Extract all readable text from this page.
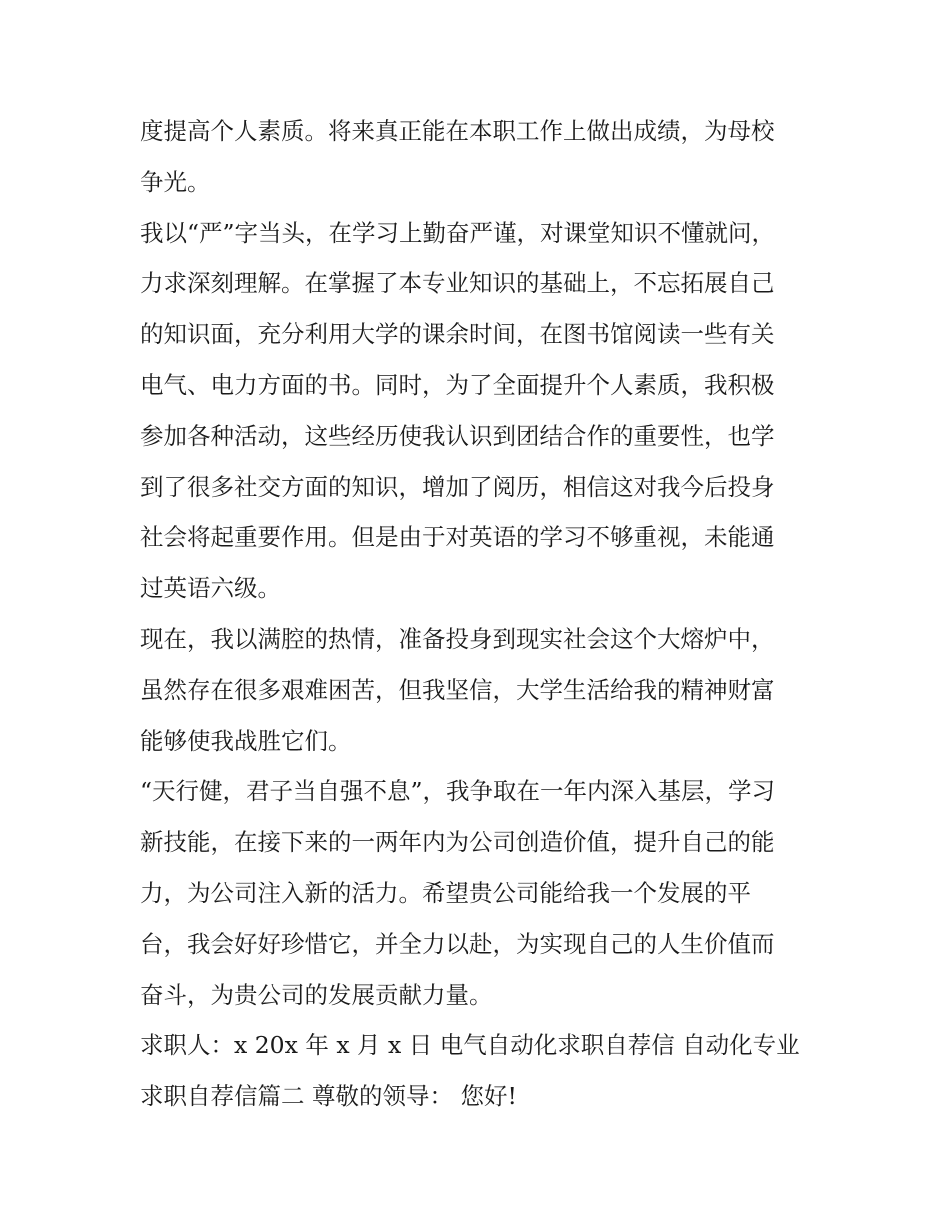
度提高个人素质。将来真正能在本职工作上做出成绩，为母校
争光。
我以“严”字当头，在学习上勤奋严谨，对课堂知识不懂就问，
力求深刻理解。在掌握了本专业知识的基础上，不忘拓展自己
的知识面，充分利用大学的课余时间，在图书馆阅读一些有关
电气、电力方面的书。同时，为了全面提升个人素质，我积极
参加各种活动，这些经历使我认识到团结合作的重要性，也学
到了很多社交方面的知识，增加了阅历，相信这对我今后投身
社会将起重要作用。但是由于对英语的学习不够重视，未能通
过英语六级。
现在，我以满腔的热情，准备投身到现实社会这个大熔炉中，
虽然存在很多艰难困苦，但我坚信，大学生活给我的精神财富
能够使我战胜它们。
“天行健，君子当自强不息”，我争取在一年内深入基层，学习
新技能，在接下来的一两年内为公司创造价值，提升自己的能
力，为公司注入新的活力。希望贵公司能给我一个发展的平
台，我会好好珍惜它，并全力以赴，为实现自己的人生价值而
奋斗，为贵公司的发展贡献力量。
求职人：x 20x 年 x 月 x 日 电气自动化求职自荐信 自动化专业
求职自荐信篇二 尊敬的领导： 您好!
